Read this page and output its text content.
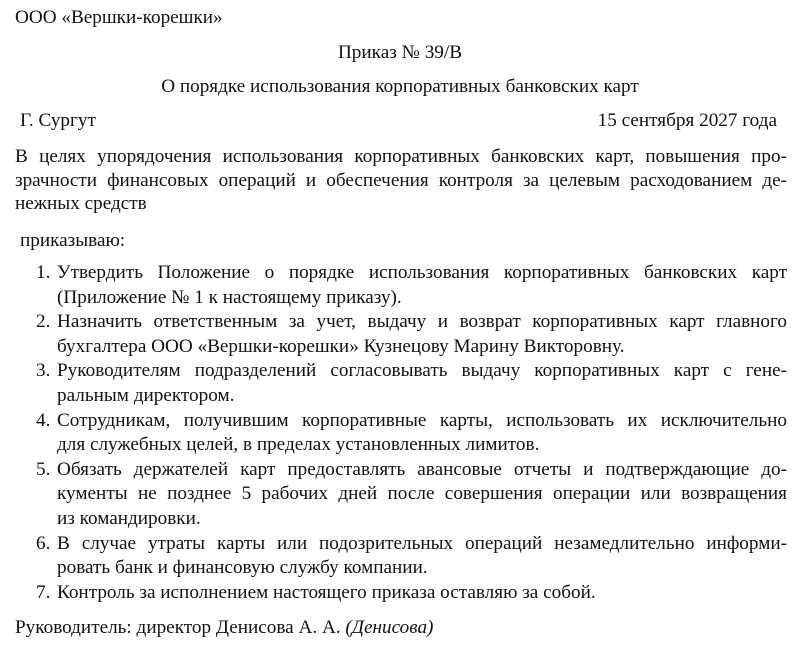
ООО «Вершки-корешки»
Приказ № 39/В
О порядке использования корпоративных банковских карт
Г. Сургут	15 сентября 2027 года
В целях упорядочения использования корпоративных банковских карт, повышения про-
зрачности финансовых операций и обеспечения контроля за целевым расходованием де-
нежных средств
приказываю:
1. Утвердить Положение о порядке использования корпоративных банковских карт
(Приложение № 1 к настоящему приказу).
2. Назначить ответственным за учет, выдачу и возврат корпоративных карт главного
бухгалтера ООО «Вершки-корешки» Кузнецову Марину Викторовну.
3. Руководителям подразделений согласовывать выдачу корпоративных карт с гене-
ральным директором.
4. Сотрудникам, получившим корпоративные карты, использовать их исключительно
для служебных целей, в пределах установленных лимитов.
5. Обязать держателей карт предоставлять авансовые отчеты и подтверждающие до-
кументы не позднее 5 рабочих дней после совершения операции или возвращения
из командировки.
6. В случае утраты карты или подозрительных операций незамедлительно информи-
ровать банк и финансовую службу компании.
7. Контроль за исполнением настоящего приказа оставляю за собой.
Руководитель: директор Денисова А. А. (Денисова)
